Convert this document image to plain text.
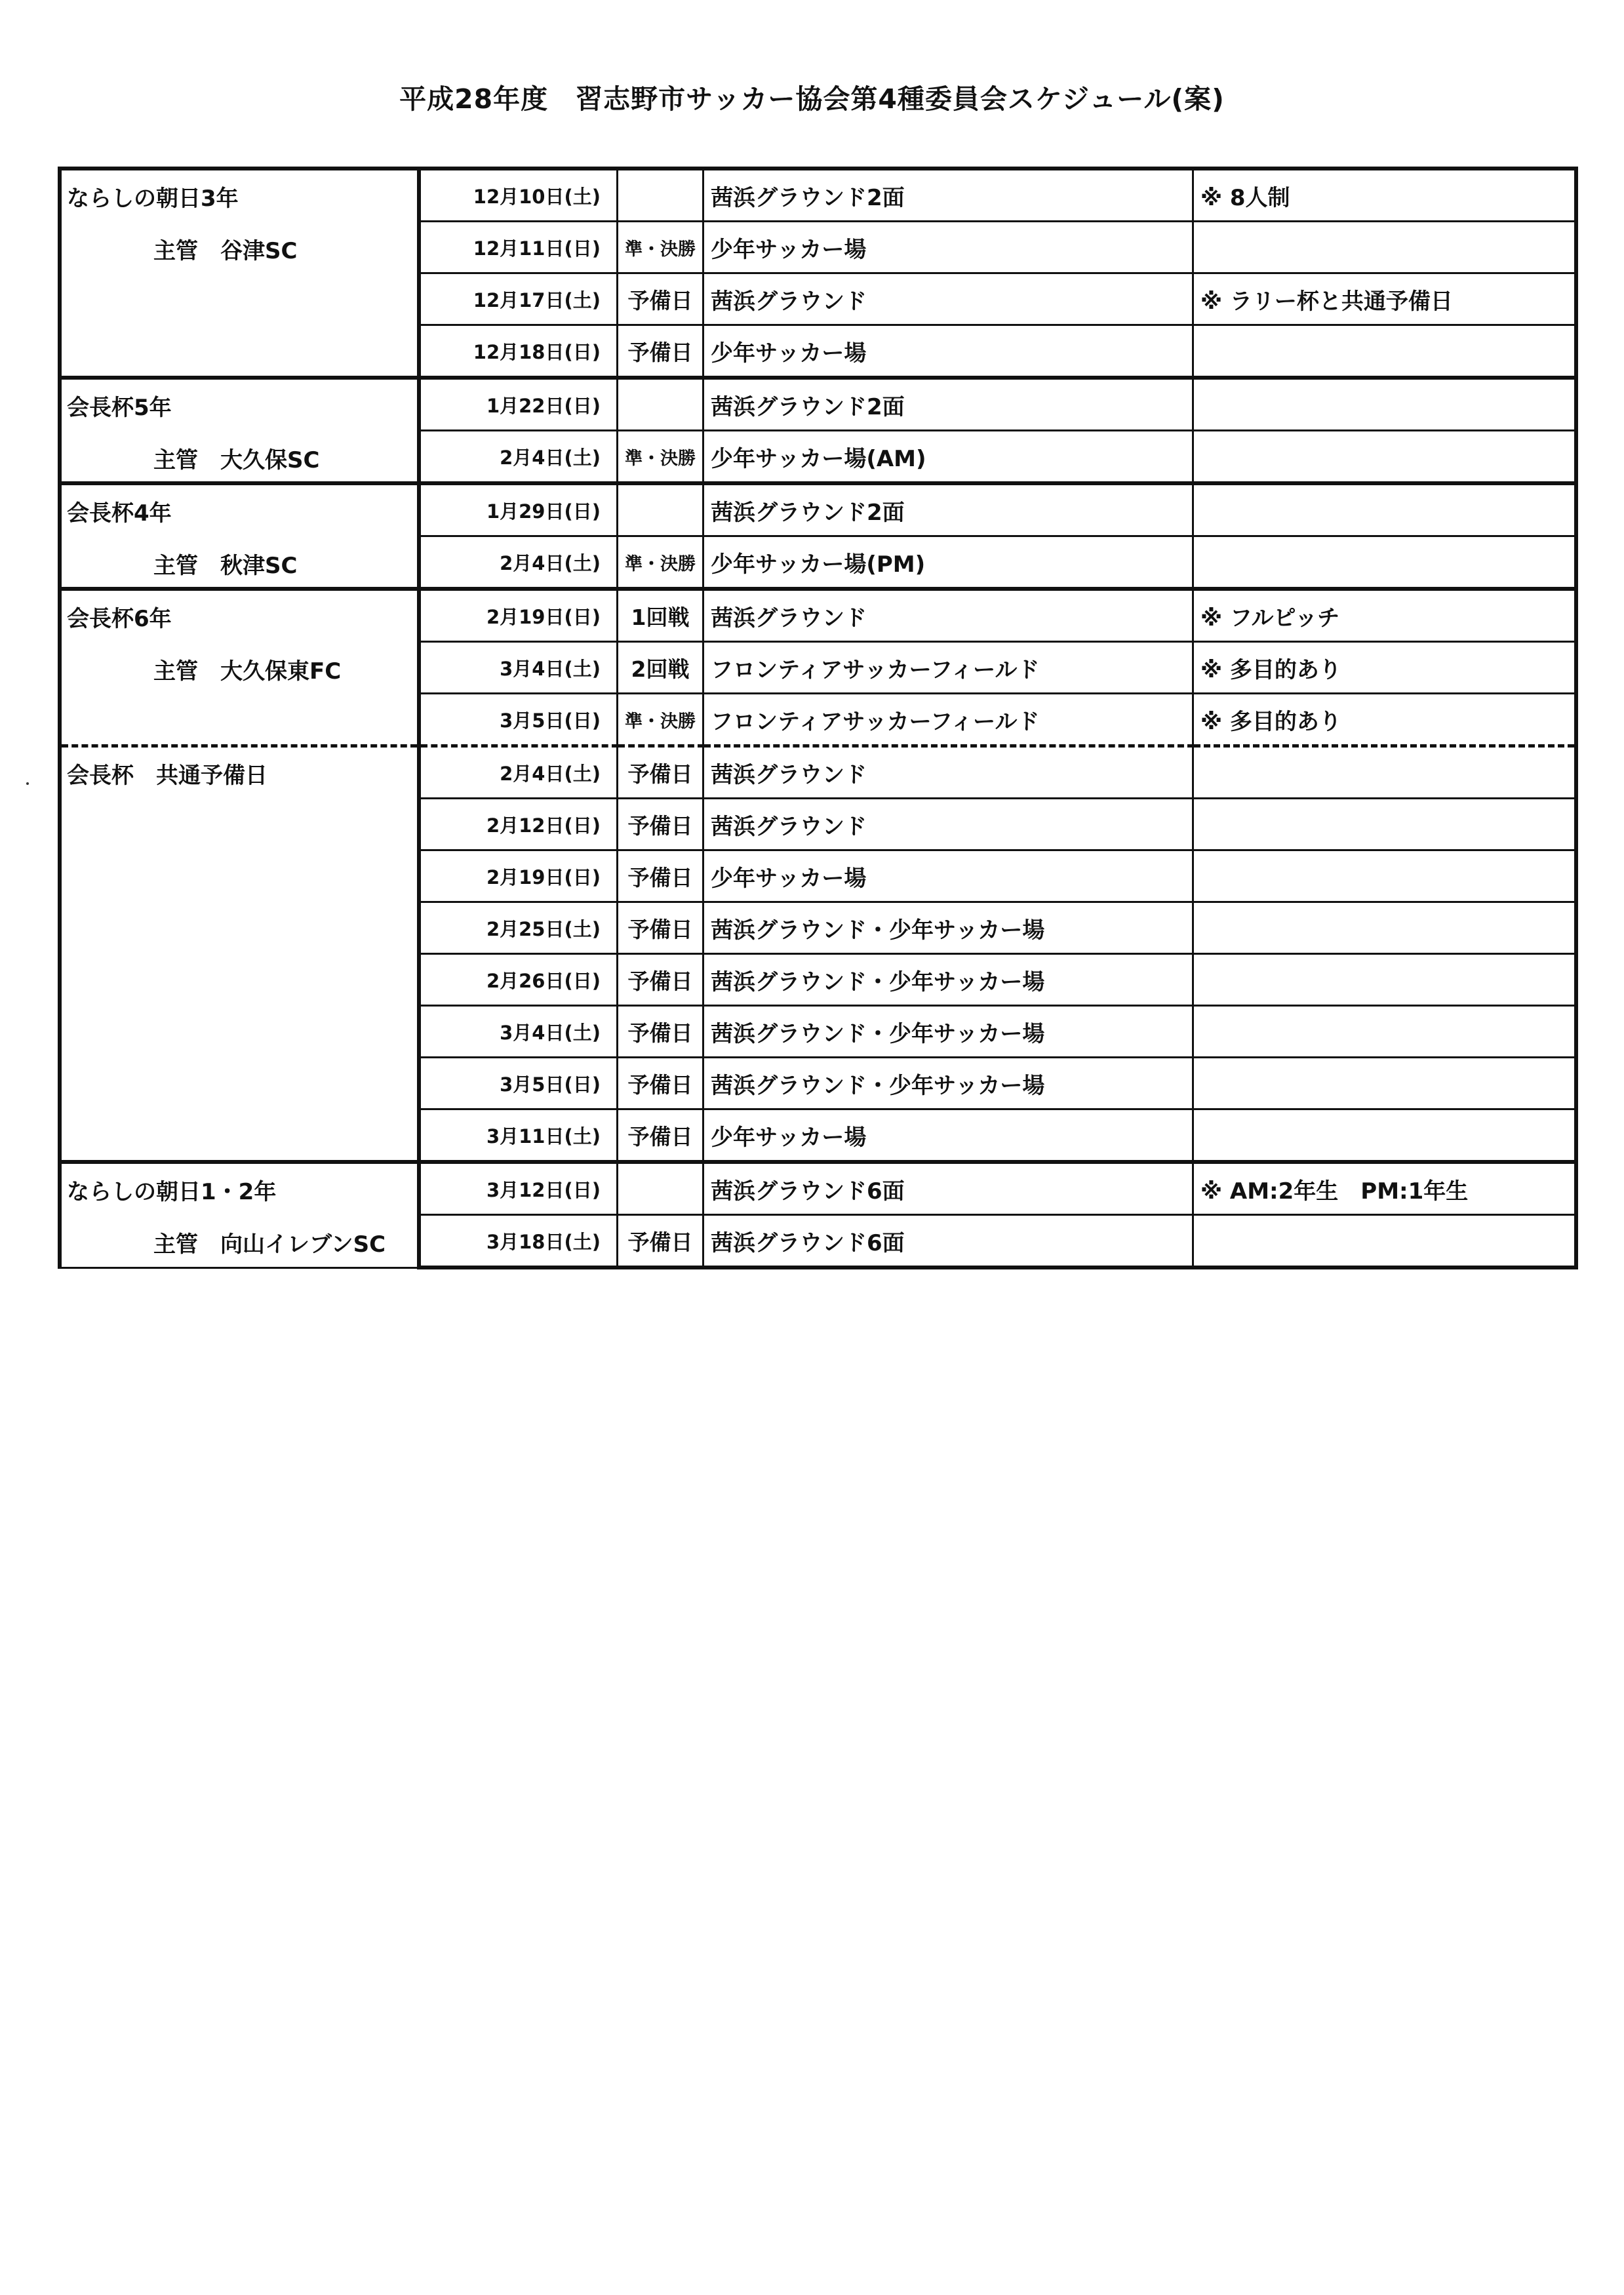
平成28年度　習志野市サッカー協会第4種委員会スケジュール(案)
ならしの朝日3年
主管　谷津SC	12月10日(土)		茜浜グラウンド2面	※ 8人制
	12月11日(日)	準・決勝	少年サッカー場	
	12月17日(土)	予備日	茜浜グラウンド	※ ラリー杯と共通予備日
	12月18日(日)	予備日	少年サッカー場	

会長杯5年
主管　大久保SC	1月22日(日)		茜浜グラウンド2面	
	2月4日(土)	準・決勝	少年サッカー場(AM)	

会長杯4年
主管　秋津SC	1月29日(日)		茜浜グラウンド2面	
	2月4日(土)	準・決勝	少年サッカー場(PM)	

会長杯6年
主管　大久保東FC	2月19日(日)	1回戦	茜浜グラウンド	※ フルピッチ
	3月4日(土)	2回戦	フロンティアサッカーフィールド	※ 多目的あり
	3月5日(日)	準・決勝	フロンティアサッカーフィールド	※ 多目的あり

会長杯　共通予備日	2月4日(土)	予備日	茜浜グラウンド	
	2月12日(日)	予備日	茜浜グラウンド	
	2月19日(日)	予備日	少年サッカー場	
	2月25日(土)	予備日	茜浜グラウンド・少年サッカー場	
	2月26日(日)	予備日	茜浜グラウンド・少年サッカー場	
	3月4日(土)	予備日	茜浜グラウンド・少年サッカー場	
	3月5日(日)	予備日	茜浜グラウンド・少年サッカー場	
	3月11日(土)	予備日	少年サッカー場	

ならしの朝日1・2年
主管　向山イレブンSC	3月12日(日)		茜浜グラウンド6面	※ AM:2年生　PM:1年生
	3月18日(土)	予備日	茜浜グラウンド6面	
